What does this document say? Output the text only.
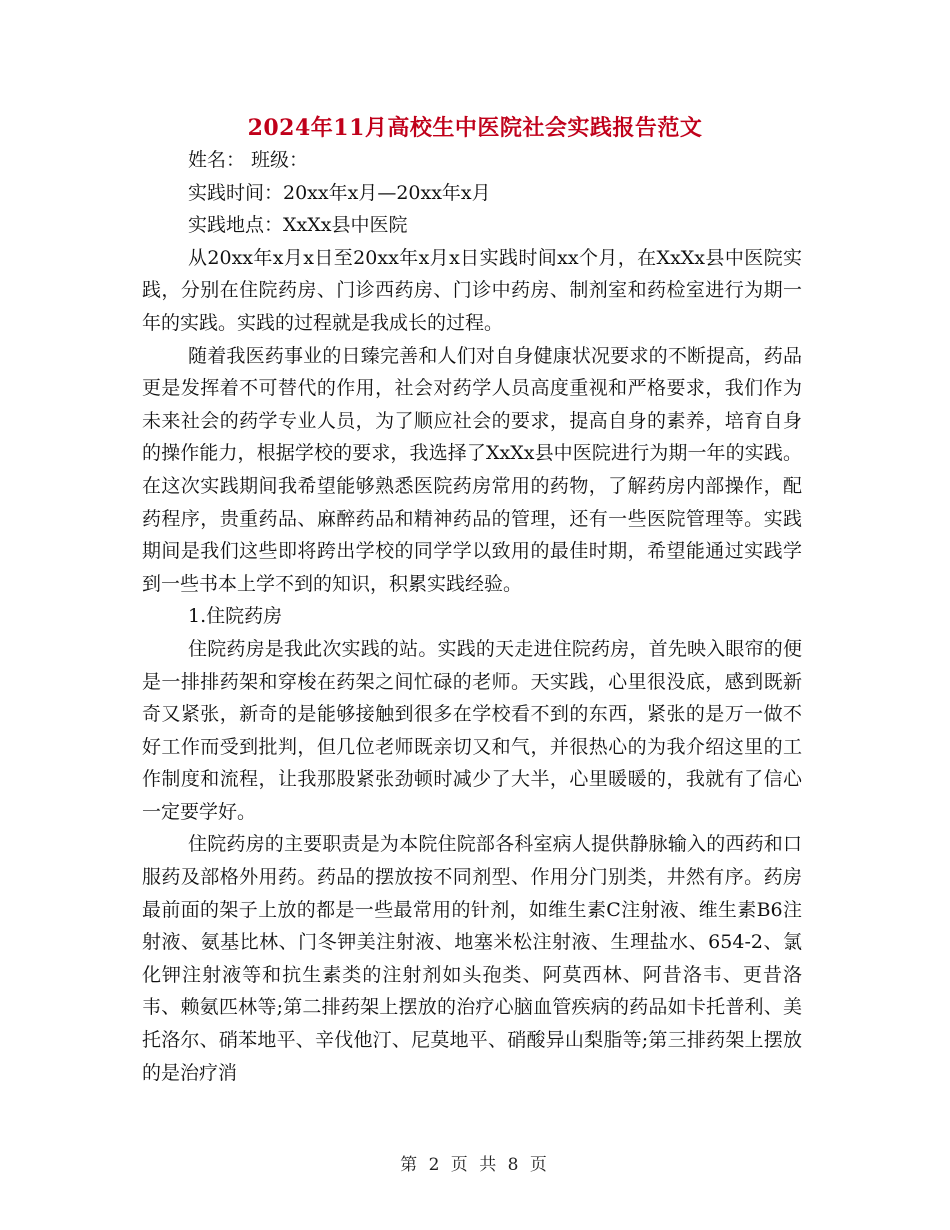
2024年11月高校生中医院社会实践报告范文

姓名： 班级：

实践时间：20xx年x月—20xx年x月

实践地点：XxXx县中医院

从20xx年x月x日至20xx年x月x日实践时间xx个月，在XxXx县中医院实践，分别在住院药房、门诊西药房、门诊中药房、制剂室和药检室进行为期一年的实践。实践的过程就是我成长的过程。

随着我医药事业的日臻完善和人们对自身健康状况要求的不断提高，药品更是发挥着不可替代的作用，社会对药学人员高度重视和严格要求，我们作为未来社会的药学专业人员，为了顺应社会的要求，提高自身的素养，培育自身的操作能力，根据学校的要求，我选择了XxXx县中医院进行为期一年的实践。在这次实践期间我希望能够熟悉医院药房常用的药物，了解药房内部操作，配药程序，贵重药品、麻醉药品和精神药品的管理，还有一些医院管理等。实践期间是我们这些即将跨出学校的同学学以致用的最佳时期，希望能通过实践学到一些书本上学不到的知识，积累实践经验。

1.住院药房

住院药房是我此次实践的站。实践的天走进住院药房，首先映入眼帘的便是一排排药架和穿梭在药架之间忙碌的老师。天实践，心里很没底，感到既新奇又紧张，新奇的是能够接触到很多在学校看不到的东西，紧张的是万一做不好工作而受到批判，但几位老师既亲切又和气，并很热心的为我介绍这里的工作制度和流程，让我那股紧张劲顿时减少了大半，心里暖暖的，我就有了信心一定要学好。

住院药房的主要职责是为本院住院部各科室病人提供静脉输入的西药和口服药及部格外用药。药品的摆放按不同剂型、作用分门别类，井然有序。药房最前面的架子上放的都是一些最常用的针剂，如维生素C注射液、维生素B6注射液、氨基比林、门冬钾美注射液、地塞米松注射液、生理盐水、654-2、氯化钾注射液等和抗生素类的注射剂如头孢类、阿莫西林、阿昔洛韦、更昔洛韦、赖氨匹林等;第二排药架上摆放的治疗心脑血管疾病的药品如卡托普利、美托洛尔、硝苯地平、辛伐他汀、尼莫地平、硝酸异山梨脂等;第三排药架上摆放的是治疗消

第 2 页 共 8 页
